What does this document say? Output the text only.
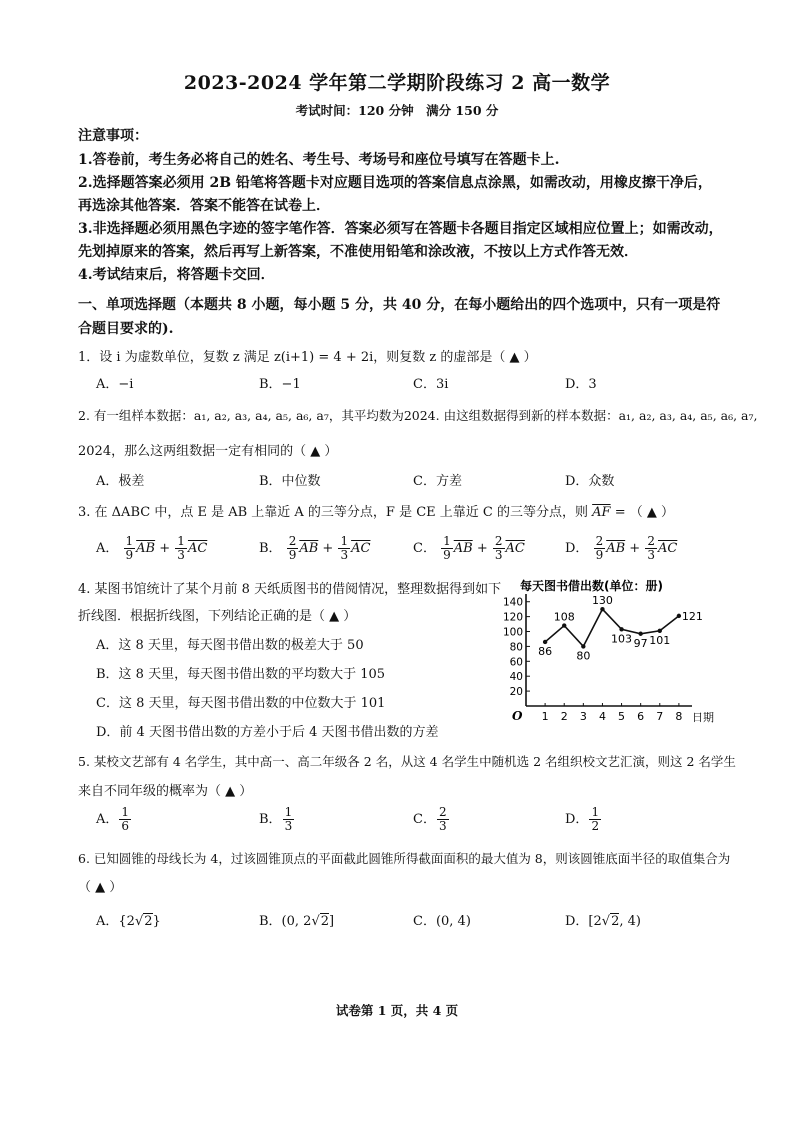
2023-2024 学年第二学期阶段练习 2 高一数学
考试时间：120 分钟　满分 150 分
注意事项：
1.答卷前，考生务必将自己的姓名、考生号、考场号和座位号填写在答题卡上.
2.选择题答案必须用 2B 铅笔将答题卡对应题目选项的答案信息点涂黑，如需改动，用橡皮擦干净后，
再选涂其他答案．答案不能答在试卷上．
3.非选择题必须用黑色字迹的签字笔作答．答案必须写在答题卡各题目指定区域相应位置上；如需改动，
先划掉原来的答案，然后再写上新答案，不准使用铅笔和涂改液，不按以上方式作答无效．
4.考试结束后，将答题卡交回．
一、单项选择题（本题共 8 小题，每小题 5 分，共 40 分，在每小题给出的四个选项中，只有一项是符
合题目要求的).
1．设 i 为虚数单位，复数 z 满足 z(i+1) = 4 + 2i，则复数 z 的虚部是（ ▲ ）
A．−i	B．−1	C．3i	D．3
2. 有一组样本数据：a₁, a₂, a₃, a₄, a₅, a₆, a₇，其平均数为2024. 由这组数据得到新的样本数据：a₁, a₂, a₃, a₄, a₅, a₆, a₇,
2024，那么这两组数据一定有相同的（ ▲ ）
A．极差	B．中位数	C．方差	D．众数
3. 在 ΔABC 中，点 E 是 AB 上靠近 A 的三等分点，F 是 CE 上靠近 C 的三等分点，则 $\overline{AF}$ = （ ▲ ）
A． $\frac{1}{9} \overline{AB} + \frac{1}{3} \overline{AC}$	B． $\frac{2}{9} \overline{AB} + \frac{1}{3} \overline{AC}$	C． $\frac{1}{9} \overline{AB} + \frac{2}{3} \overline{AC}$	D． $\frac{2}{9} \overline{AB} + \frac{2}{3} \overline{AC}$
4. 某图书馆统计了某个月前 8 天纸质图书的借阅情况，整理数据得到如下
折线图．根据折线图，下列结论正确的是（ ▲ ）
A．这 8 天里，每天图书借出数的极差大于 50
B．这 8 天里，每天图书借出数的平均数大于 105
C．这 8 天里，每天图书借出数的中位数大于 101
D．前 4 天图书借出数的方差小于后 4 天图书借出数的方差
每天图书借出数(单位：册)
20
40
60
80
100
120
140
1 2 3 4 5 6 7 8
86
108
80
130
103 97 101
121
O	日期
5. 某校文艺部有 4 名学生，其中高一、高二年级各 2 名，从这 4 名学生中随机选 2 名组织校文艺汇演，则这 2 名学生
来自不同年级的概率为（ ▲ ）
A． $\frac{1}{6}$	B． $\frac{1}{3}$	C． $\frac{2}{3}$	D． $\frac{1}{2}$
6. 已知圆锥的母线长为 4，过该圆锥顶点的平面截此圆锥所得截面面积的最大值为 8，则该圆锥底面半径的取值集合为
（ ▲ ）
A．{2√2}	B．(0, 2√2]	C．(0, 4)	D．[2√2, 4)
试卷第 1 页，共 4 页
